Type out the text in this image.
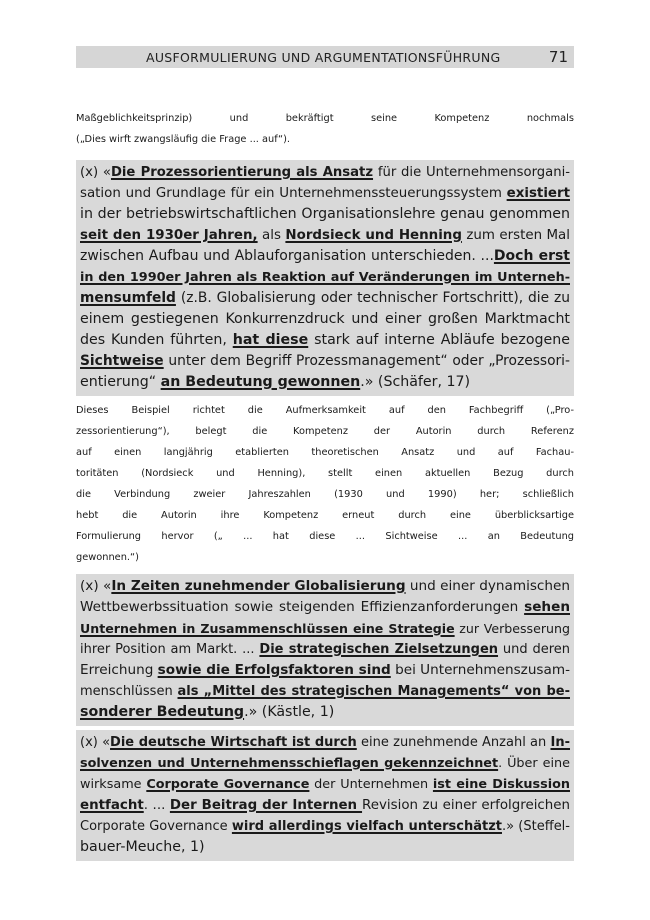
AUSFORMULIERUNG UND ARGUMENTATIONSFÜHRUNG	71
Maßgeblichkeitsprinzip) und bekräftigt seine Kompetenz nochmals
(„Dies wirft zwangsläufig die Frage ... auf“).
(x) «Die Prozessorientierung als Ansatz für die Unternehmensorgani-
sation und Grundlage für ein Unternehmenssteuerungssystem existiert
in der betriebswirtschaftlichen Organisationslehre genau genommen
seit den 1930er Jahren, als Nordsieck und Henning zum ersten Mal
zwischen Aufbau und Ablauforganisation unterschieden. ...Doch erst
in den 1990er Jahren als Reaktion auf Veränderungen im Unterneh-
mensumfeld (z.B. Globalisierung oder technischer Fortschritt), die zu
einem gestiegenen Konkurrenzdruck und einer großen Marktmacht
des Kunden führten, hat diese stark auf interne Abläufe bezogene
Sichtweise unter dem Begriff Prozessmanagement“ oder „Prozessori-
entierung“ an Bedeutung gewonnen.» (Schäfer, 17)
Dieses Beispiel richtet die Aufmerksamkeit auf den Fachbegriff („Pro-
zessorientierung“), belegt die Kompetenz der Autorin durch Referenz
auf einen langjährig etablierten theoretischen Ansatz und auf Fachau-
toritäten (Nordsieck und Henning), stellt einen aktuellen Bezug durch
die Verbindung zweier Jahreszahlen (1930 und 1990) her; schließlich
hebt die Autorin ihre Kompetenz erneut durch eine überblicksartige
Formulierung hervor („ ... hat diese ... Sichtweise ... an Bedeutung
gewonnen.“)
(x) «In Zeiten zunehmender Globalisierung und einer dynamischen
Wettbewerbssituation sowie steigenden Effizienzanforderungen sehen
Unternehmen in Zusammenschlüssen eine Strategie zur Verbesserung
ihrer Position am Markt. ... Die strategischen Zielsetzungen und deren
Erreichung sowie die Erfolgsfaktoren sind bei Unternehmenszusam-
menschlüssen als „Mittel des strategischen Managements“ von be-
sonderer Bedeutung.» (Kästle, 1)
(x) «Die deutsche Wirtschaft ist durch eine zunehmende Anzahl an In-
solvenzen und Unternehmensschieflagen gekennzeichnet. Über eine
wirksame Corporate Governance der Unternehmen ist eine Diskussion
entfacht. ... Der Beitrag der Internen Revision zu einer erfolgreichen
Corporate Governance wird allerdings vielfach unterschätzt.» (Steffel-
bauer-Meuche, 1)
